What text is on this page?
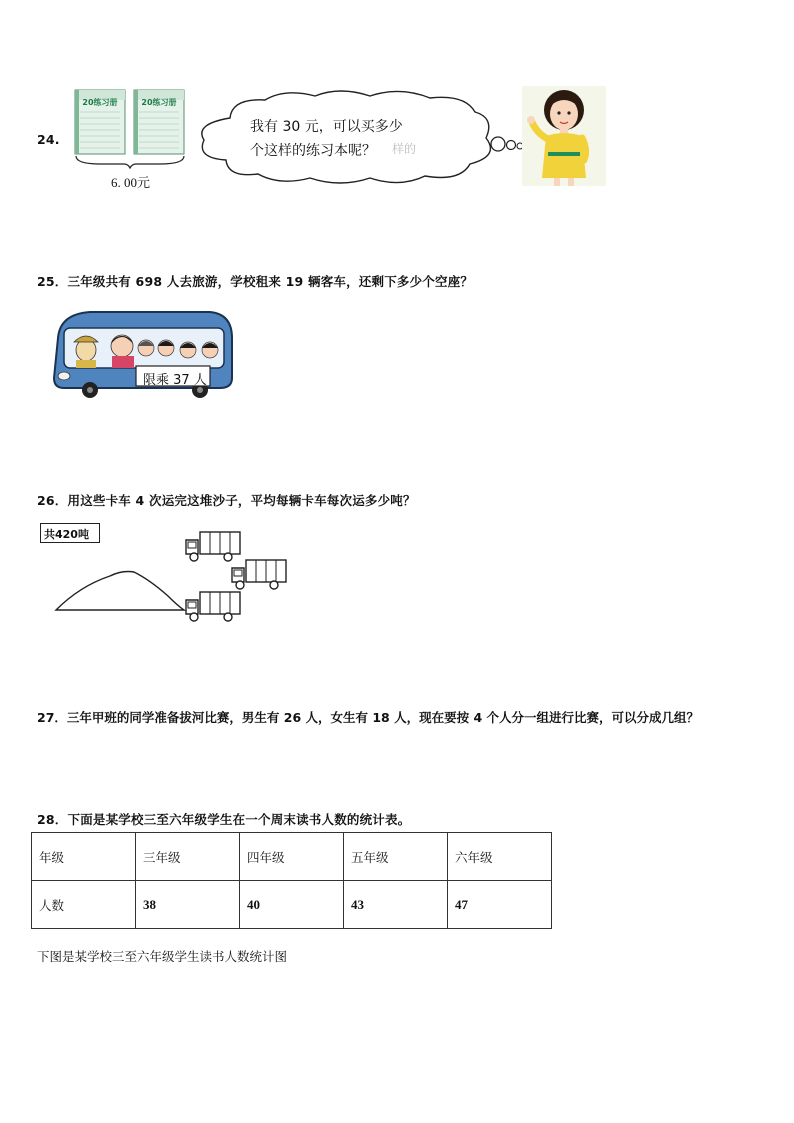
24.
20练习册	20练习册
6. 00元
我有 30 元，可以买多少
个这样的练习本呢？ 样的
25．三年级共有 698 人去旅游，学校租来 19 辆客车，还剩下多少个空座？
限乘 37 人
26．用这些卡车 4 次运完这堆沙子，平均每辆卡车每次运多少吨？
共420吨
27．三年甲班的同学准备拔河比赛，男生有 26 人，女生有 18 人，现在要按 4 个人分一组进行比赛，可以分成几组？
28．下面是某学校三至六年级学生在一个周末读书人数的统计表。
年级	三年级	四年级	五年级	六年级
人数	38	40	43	47
下图是某学校三至六年级学生读书人数统计图
